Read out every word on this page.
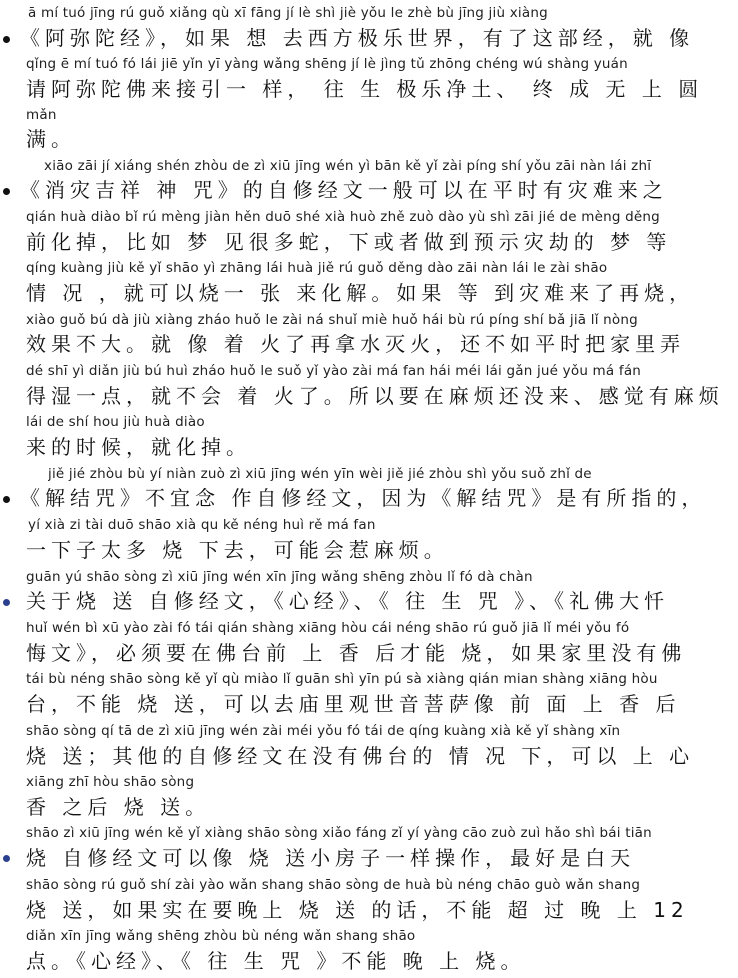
ā mí tuó jīng rú guǒ xiǎng qù xī fāng jí lè shì jiè yǒu le zhè bù jīng jiù xiàng
《阿弥陀经》，如果 想 去西方极乐世界，有了这部经，就 像
qǐng ē mí tuó fó lái jiē yǐn yī yàng wǎng shēng jí lè jìng tǔ zhōng chéng wú shàng yuán
请阿弥陀佛来接引一 样， 往 生 极乐净土、 终 成 无 上 圆
mǎn
满。
xiāo zāi jí xiáng shén zhòu de zì xiū jīng wén yì bān kě yǐ zài píng shí yǒu zāi nàn lái zhī
《消灾吉祥 神 咒》的自修经文一般可以在平时有灾难来之
qián huà diào bǐ rú mèng jiàn hěn duō shé xià huò zhě zuò dào yù shì zāi jié de mèng děng
前化掉，比如 梦 见很多蛇，下或者做到预示灾劫的 梦 等
qíng kuàng jiù kě yǐ shāo yì zhāng lái huà jiě rú guǒ děng dào zāi nàn lái le zài shāo
情 况 ，就可以烧一 张 来化解。如果 等 到灾难来了再烧，
xiào guǒ bú dà jiù xiàng zháo huǒ le zài ná shuǐ miè huǒ hái bù rú píng shí bǎ jiā lǐ nòng
效果不大。就 像 着 火了再拿水灭火，还不如平时把家里弄
dé shī yì diǎn jiù bú huì zháo huǒ le suǒ yǐ yào zài má fan hái méi lái gǎn jué yǒu má fán
得湿一点，就不会 着 火了。所以要在麻烦还没来、感觉有麻烦
lái de shí hou jiù huà diào
来的时候，就化掉。
jiě jié zhòu bù yí niàn zuò zì xiū jīng wén yīn wèi jiě jié zhòu shì yǒu suǒ zhǐ de
《解结咒》不宜念 作自修经文，因为《解结咒》是有所指的，
yí xià zi tài duō shāo xià qu kě néng huì rě má fan
一下子太多 烧 下去，可能会惹麻烦。
guān yú shāo sòng zì xiū jīng wén xīn jīng wǎng shēng zhòu lǐ fó dà chàn
关于烧 送 自修经文，《心经》、《 往 生 咒 》、《礼佛大忏
huǐ wén bì xū yào zài fó tái qián shàng xiāng hòu cái néng shāo rú guǒ jiā lǐ méi yǒu fó
悔文》，必须要在佛台前 上 香 后才能 烧，如果家里没有佛
tái bù néng shāo sòng kě yǐ qù miào lǐ guān shì yīn pú sà xiàng qián mian shàng xiāng hòu
台，不能 烧 送，可以去庙里观世音菩萨像 前 面 上 香 后
shāo sòng qí tā de zì xiū jīng wén zài méi yǒu fó tái de qíng kuàng xià kě yǐ shàng xīn
烧 送；其他的自修经文在没有佛台的 情 况 下，可以 上 心
xiāng zhī hòu shāo sòng
香 之后 烧 送。
shāo zì xiū jīng wén kě yǐ xiàng shāo sòng xiǎo fáng zǐ yí yàng cāo zuò zuì hǎo shì bái tiān
烧 自修经文可以像 烧 送小房子一样操作，最好是白天
shāo sòng rú guǒ shí zài yào wǎn shang shāo sòng de huà bù néng chāo guò wǎn shang
烧 送，如果实在要晚上 烧 送 的话，不能 超 过 晚 上 12
diǎn xīn jīng wǎng shēng zhòu bù néng wǎn shang shāo
点。《心经》、《 往 生 咒 》不能 晚 上 烧。
